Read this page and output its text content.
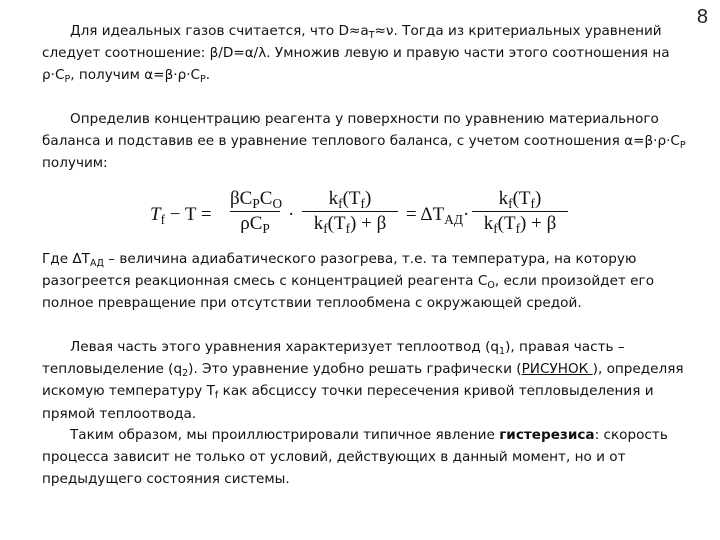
8

Для идеальных газов считается, что $D\approx a_T\approx\nu$. Тогда из критериальных уравнений следует соотношение: β/D=α/λ. Умножив левую и правую части этого соотношения на $\rho\cdot C_P$, получим $\alpha=\beta\cdot\rho\cdot C_P$.

Определив концентрацию реагента у поверхности по уравнению материального баланса и подставив ее в уравнение теплового баланса, с учетом соотношения $\alpha=\beta\cdot\rho\cdot C_P$ получим:

$T_f - T$ =
$\beta C_PC_O$
$\rho C_P$
·
$k_f(T_f)$
$k_f(T_f) + \beta$	= $\Delta T_{АД}\cdot$
$k_f(T_f)$
$k_f(T_f) + \beta$

Где $\Delta T_{АД}$ – величина адиабатического разогрева, т.е. та температура, на которую разогреется реакционная смесь с концентрацией реагента $C_O$, если произойдет его полное превращение при отсутствии теплообмена с окружающей средой.

Левая часть этого уравнения характеризует теплоотвод $(q_1)$, правая часть – тепловыделение $(q_2)$. Это уравнение удобно решать графически (РИСУНОК ), определяя искомую температуру $T_f$ как абсциссу точки пересечения кривой тепловыделения и прямой теплоотвода.

Таким образом, мы проиллюстрировали типичное явление гистерезиса: скорость процесса зависит не только от условий, действующих в данный момент, но и от предыдущего состояния системы.
